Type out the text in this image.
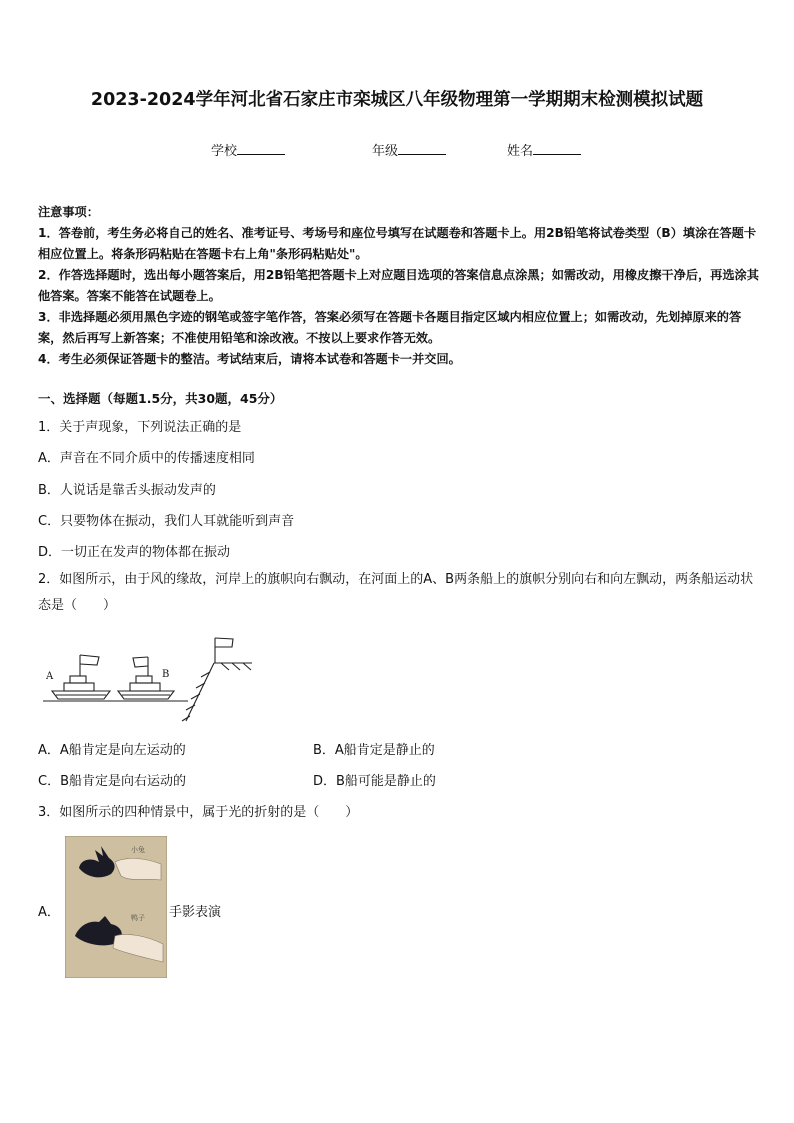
2023-2024学年河北省石家庄市栾城区八年级物理第一学期期末检测模拟试题
学校	年级	姓名

注意事项：

1．答卷前，考生务必将自己的姓名、准考证号、考场号和座位号填写在试题卷和答题卡上。用2B铅笔将试卷类型（B）填涂在答题卡相应位置上。将条形码粘贴在答题卡右上角"条形码粘贴处"。

2．作答选择题时，选出每小题答案后，用2B铅笔把答题卡上对应题目选项的答案信息点涂黑；如需改动，用橡皮擦干净后，再选涂其他答案。答案不能答在试题卷上。

3．非选择题必须用黑色字迹的钢笔或签字笔作答，答案必须写在答题卡各题目指定区域内相应位置上；如需改动，先划掉原来的答案，然后再写上新答案；不准使用铅笔和涂改液。不按以上要求作答无效。

4．考生必须保证答题卡的整洁。考试结束后，请将本试卷和答题卡一并交回。

一、选择题（每题1.5分，共30题，45分）
1．关于声现象，下列说法正确的是
A．声音在不同介质中的传播速度相同
B．人说话是靠舌头振动发声的
C．只要物体在振动，我们人耳就能听到声音
D．一切正在发声的物体都在振动
2．如图所示，由于风的缘故，河岸上的旗帜向右飘动，在河面上的A、B两条船上的旗帜分别向右和向左飘动，两条船运动状态是（　　）
A	B
A．A船肯定是向左运动的	B．A船肯定是静止的
C．B船肯定是向右运动的	D．B船可能是静止的
3．如图所示的四种情景中，属于光的折射的是（　　）
A．
小兔
鸭子 手影表演
